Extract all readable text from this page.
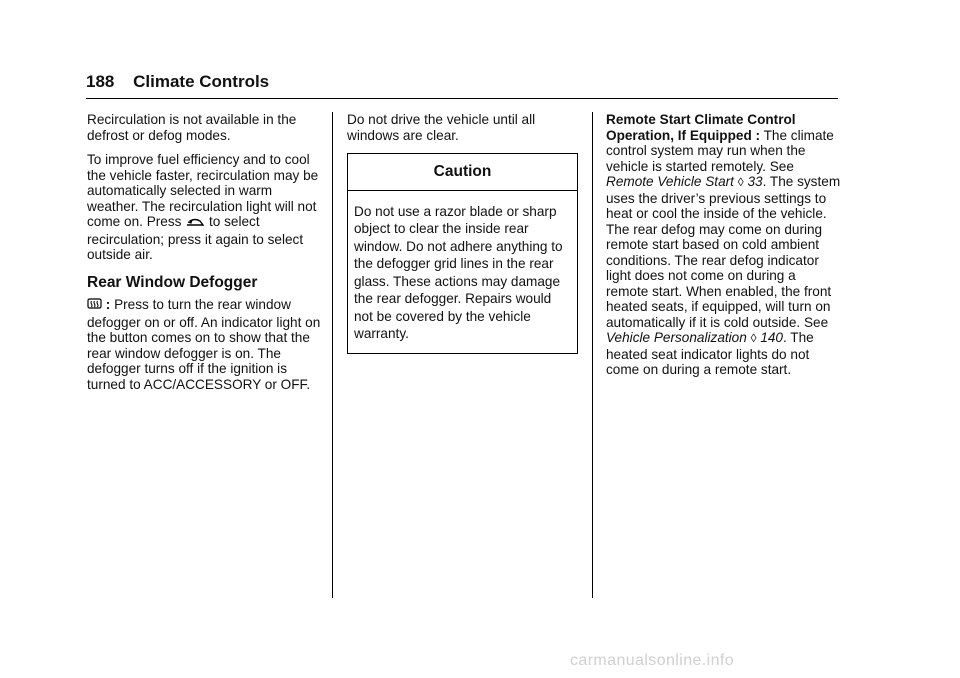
188 Climate Controls

Recirculation is not available in the defrost or defog modes.

To improve fuel efficiency and to cool the vehicle faster, recirculation may be automatically selected in warm weather. The recirculation light will not come on. Press  to select recirculation; press it again to select outside air.

Rear Window Defogger

: Press to turn the rear window defogger on or off. An indicator light on the button comes on to show that the rear window defogger is on. The defogger turns off if the ignition is turned to ACC/ACCESSORY or OFF.

Do not drive the vehicle until all windows are clear.

Caution
Do not use a razor blade or sharp object to clear the inside rear window. Do not adhere anything to the defogger grid lines in the rear glass. These actions may damage the rear defogger. Repairs would not be covered by the vehicle warranty.

Remote Start Climate Control Operation, If Equipped : The climate control system may run when the vehicle is started remotely. See Remote Vehicle Start ◊ 33. The system uses the driver’s previous settings to heat or cool the inside of the vehicle. The rear defog may come on during remote start based on cold ambient conditions. The rear defog indicator light does not come on during a remote start. When enabled, the front heated seats, if equipped, will turn on automatically if it is cold outside. See Vehicle Personalization ◊ 140. The heated seat indicator lights do not come on during a remote start.

carmanualsonline.info
